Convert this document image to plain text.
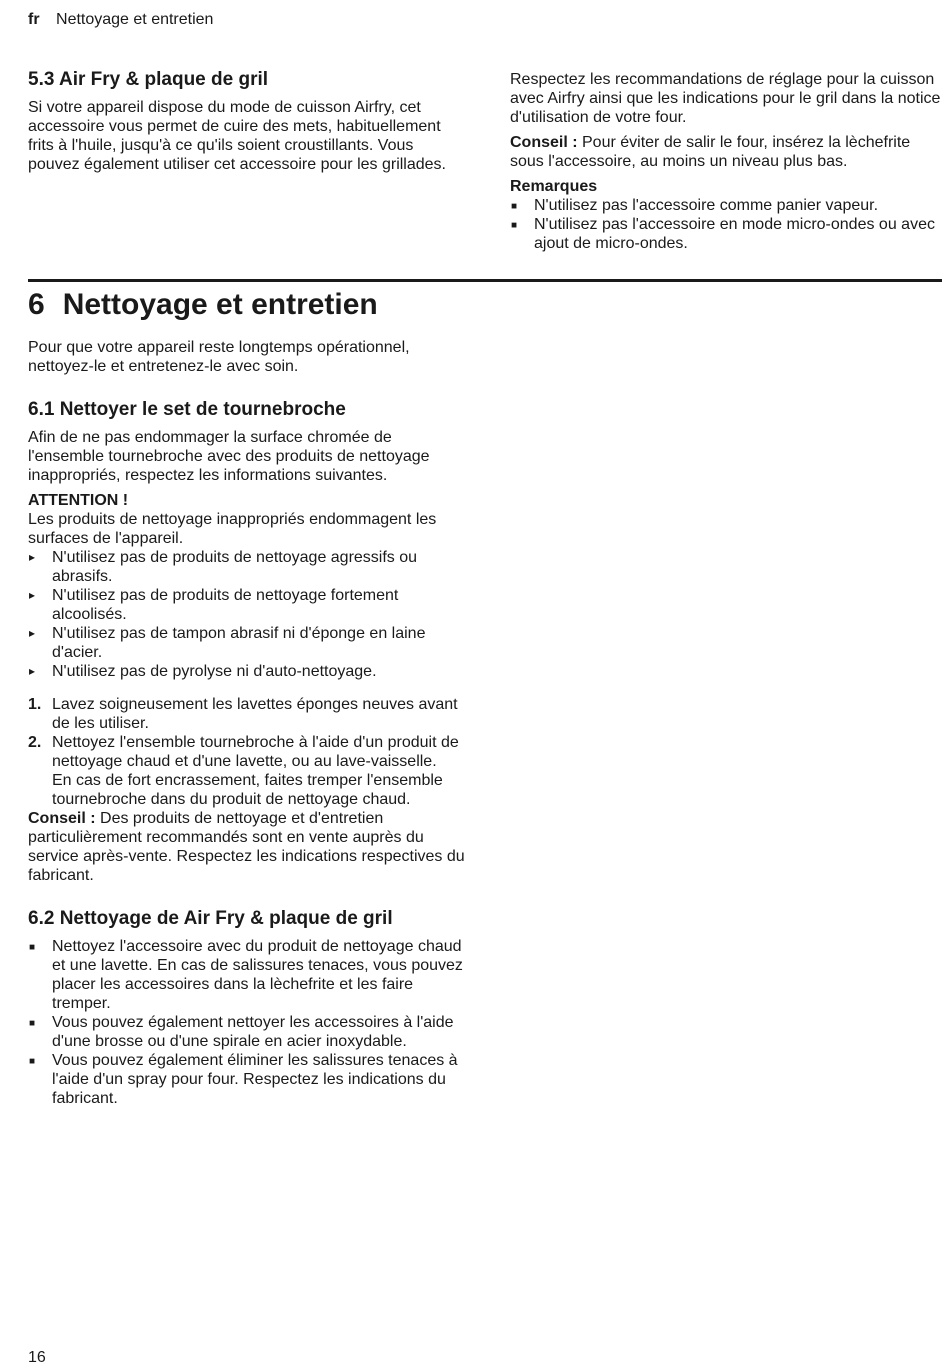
fr Nettoyage et entretien
5.3 Air Fry & plaque de gril

Si votre appareil dispose du mode de cuisson Airfry, cet accessoire vous permet de cuire des mets, habituellement frits à l'huile, jusqu'à ce qu'ils soient croustillants. Vous pouvez également utiliser cet accessoire pour les grillades.

Respectez les recommandations de réglage pour la cuisson avec Airfry ainsi que les indications pour le gril dans la notice d'utilisation de votre four.

Conseil : Pour éviter de salir le four, insérez la lèchefrite sous l'accessoire, au moins un niveau plus bas.

Remarques

■ N'utilisez pas l'accessoire comme panier vapeur.
■ N'utilisez pas l'accessoire en mode micro-ondes ou avec ajout de micro-ondes.
6 Nettoyage et entretien

Pour que votre appareil reste longtemps opérationnel, nettoyez-le et entretenez-le avec soin.

6.1 Nettoyer le set de tournebroche

Afin de ne pas endommager la surface chromée de l'ensemble tournebroche avec des produits de nettoyage inappropriés, respectez les informations suivantes.

ATTENTION !

Les produits de nettoyage inappropriés endommagent les surfaces de l'appareil.

▸ N'utilisez pas de produits de nettoyage agressifs ou abrasifs.
▸ N'utilisez pas de produits de nettoyage fortement alcoolisés.
▸ N'utilisez pas de tampon abrasif ni d'éponge en laine d'acier.
▸ N'utilisez pas de pyrolyse ni d'auto-nettoyage.
1. Lavez soigneusement les lavettes éponges neuves avant de les utiliser.
2. Nettoyez l'ensemble tournebroche à l'aide d'un produit de nettoyage chaud et d'une lavette, ou au lave-vaisselle.
En cas de fort encrassement, faites tremper l'ensemble tournebroche dans du produit de nettoyage chaud.

Conseil : Des produits de nettoyage et d'entretien particulièrement recommandés sont en vente auprès du service après-vente. Respectez les indications respectives du fabricant.

6.2 Nettoyage de Air Fry & plaque de gril
■ Nettoyez l'accessoire avec du produit de nettoyage chaud et une lavette. En cas de salissures tenaces, vous pouvez placer les accessoires dans la lèchefrite et les faire tremper.
■ Vous pouvez également nettoyer les accessoires à l'aide d'une brosse ou d'une spirale en acier inoxydable.
■ Vous pouvez également éliminer les salissures tenaces à l'aide d'un spray pour four. Respectez les indications du fabricant.
16
